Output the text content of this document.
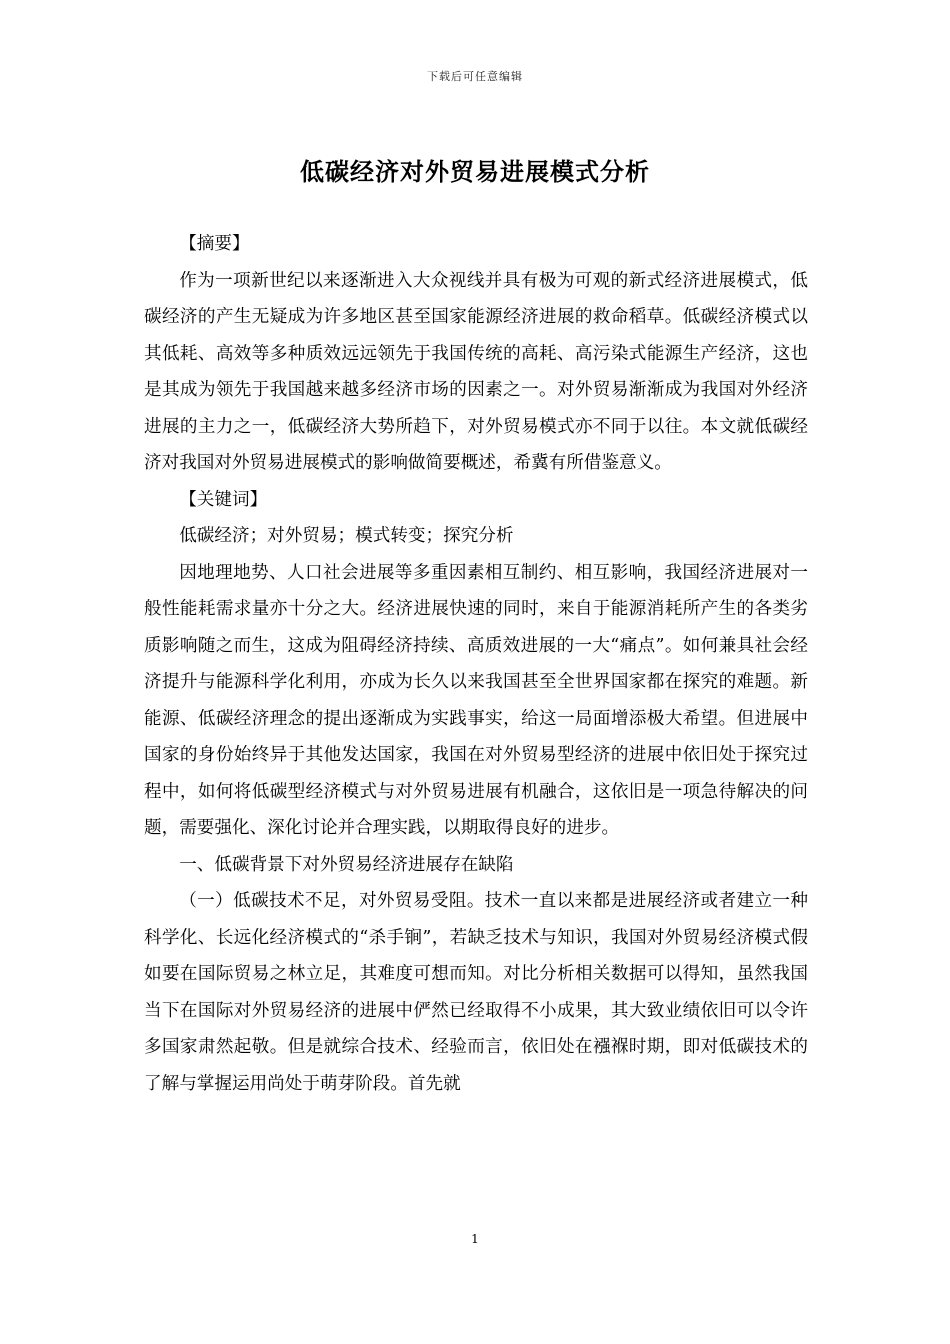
下载后可任意编辑
低碳经济对外贸易进展模式分析

【摘要】

作为一项新世纪以来逐渐进入大众视线并具有极为可观的新式经济进展模式，低碳经济的产生无疑成为许多地区甚至国家能源经济进展的救命稻草。低碳经济模式以其低耗、高效等多种质效远远领先于我国传统的高耗、高污染式能源生产经济，这也是其成为领先于我国越来越多经济市场的因素之一。对外贸易渐渐成为我国对外经济进展的主力之一，低碳经济大势所趋下，对外贸易模式亦不同于以往。本文就低碳经济对我国对外贸易进展模式的影响做简要概述，希冀有所借鉴意义。

【关键词】

低碳经济；对外贸易；模式转变；探究分析

因地理地势、人口社会进展等多重因素相互制约、相互影响，我国经济进展对一般性能耗需求量亦十分之大。经济进展快速的同时，来自于能源消耗所产生的各类劣质影响随之而生，这成为阻碍经济持续、高质效进展的一大“痛点”。如何兼具社会经济提升与能源科学化利用，亦成为长久以来我国甚至全世界国家都在探究的难题。新能源、低碳经济理念的提出逐渐成为实践事实，给这一局面增添极大希望。但进展中国家的身份始终异于其他发达国家，我国在对外贸易型经济的进展中依旧处于探究过程中，如何将低碳型经济模式与对外贸易进展有机融合，这依旧是一项急待解决的问题，需要强化、深化讨论并合理实践，以期取得良好的进步。

一、低碳背景下对外贸易经济进展存在缺陷

（一）低碳技术不足，对外贸易受阻。技术一直以来都是进展经济或者建立一种科学化、长远化经济模式的“杀手锏”，若缺乏技术与知识，我国对外贸易经济模式假如要在国际贸易之林立足，其难度可想而知。对比分析相关数据可以得知，虽然我国当下在国际对外贸易经济的进展中俨然已经取得不小成果，其大致业绩依旧可以令许多国家肃然起敬。但是就综合技术、经验而言，依旧处在襁褓时期，即对低碳技术的了解与掌握运用尚处于萌芽阶段。首先就

1
